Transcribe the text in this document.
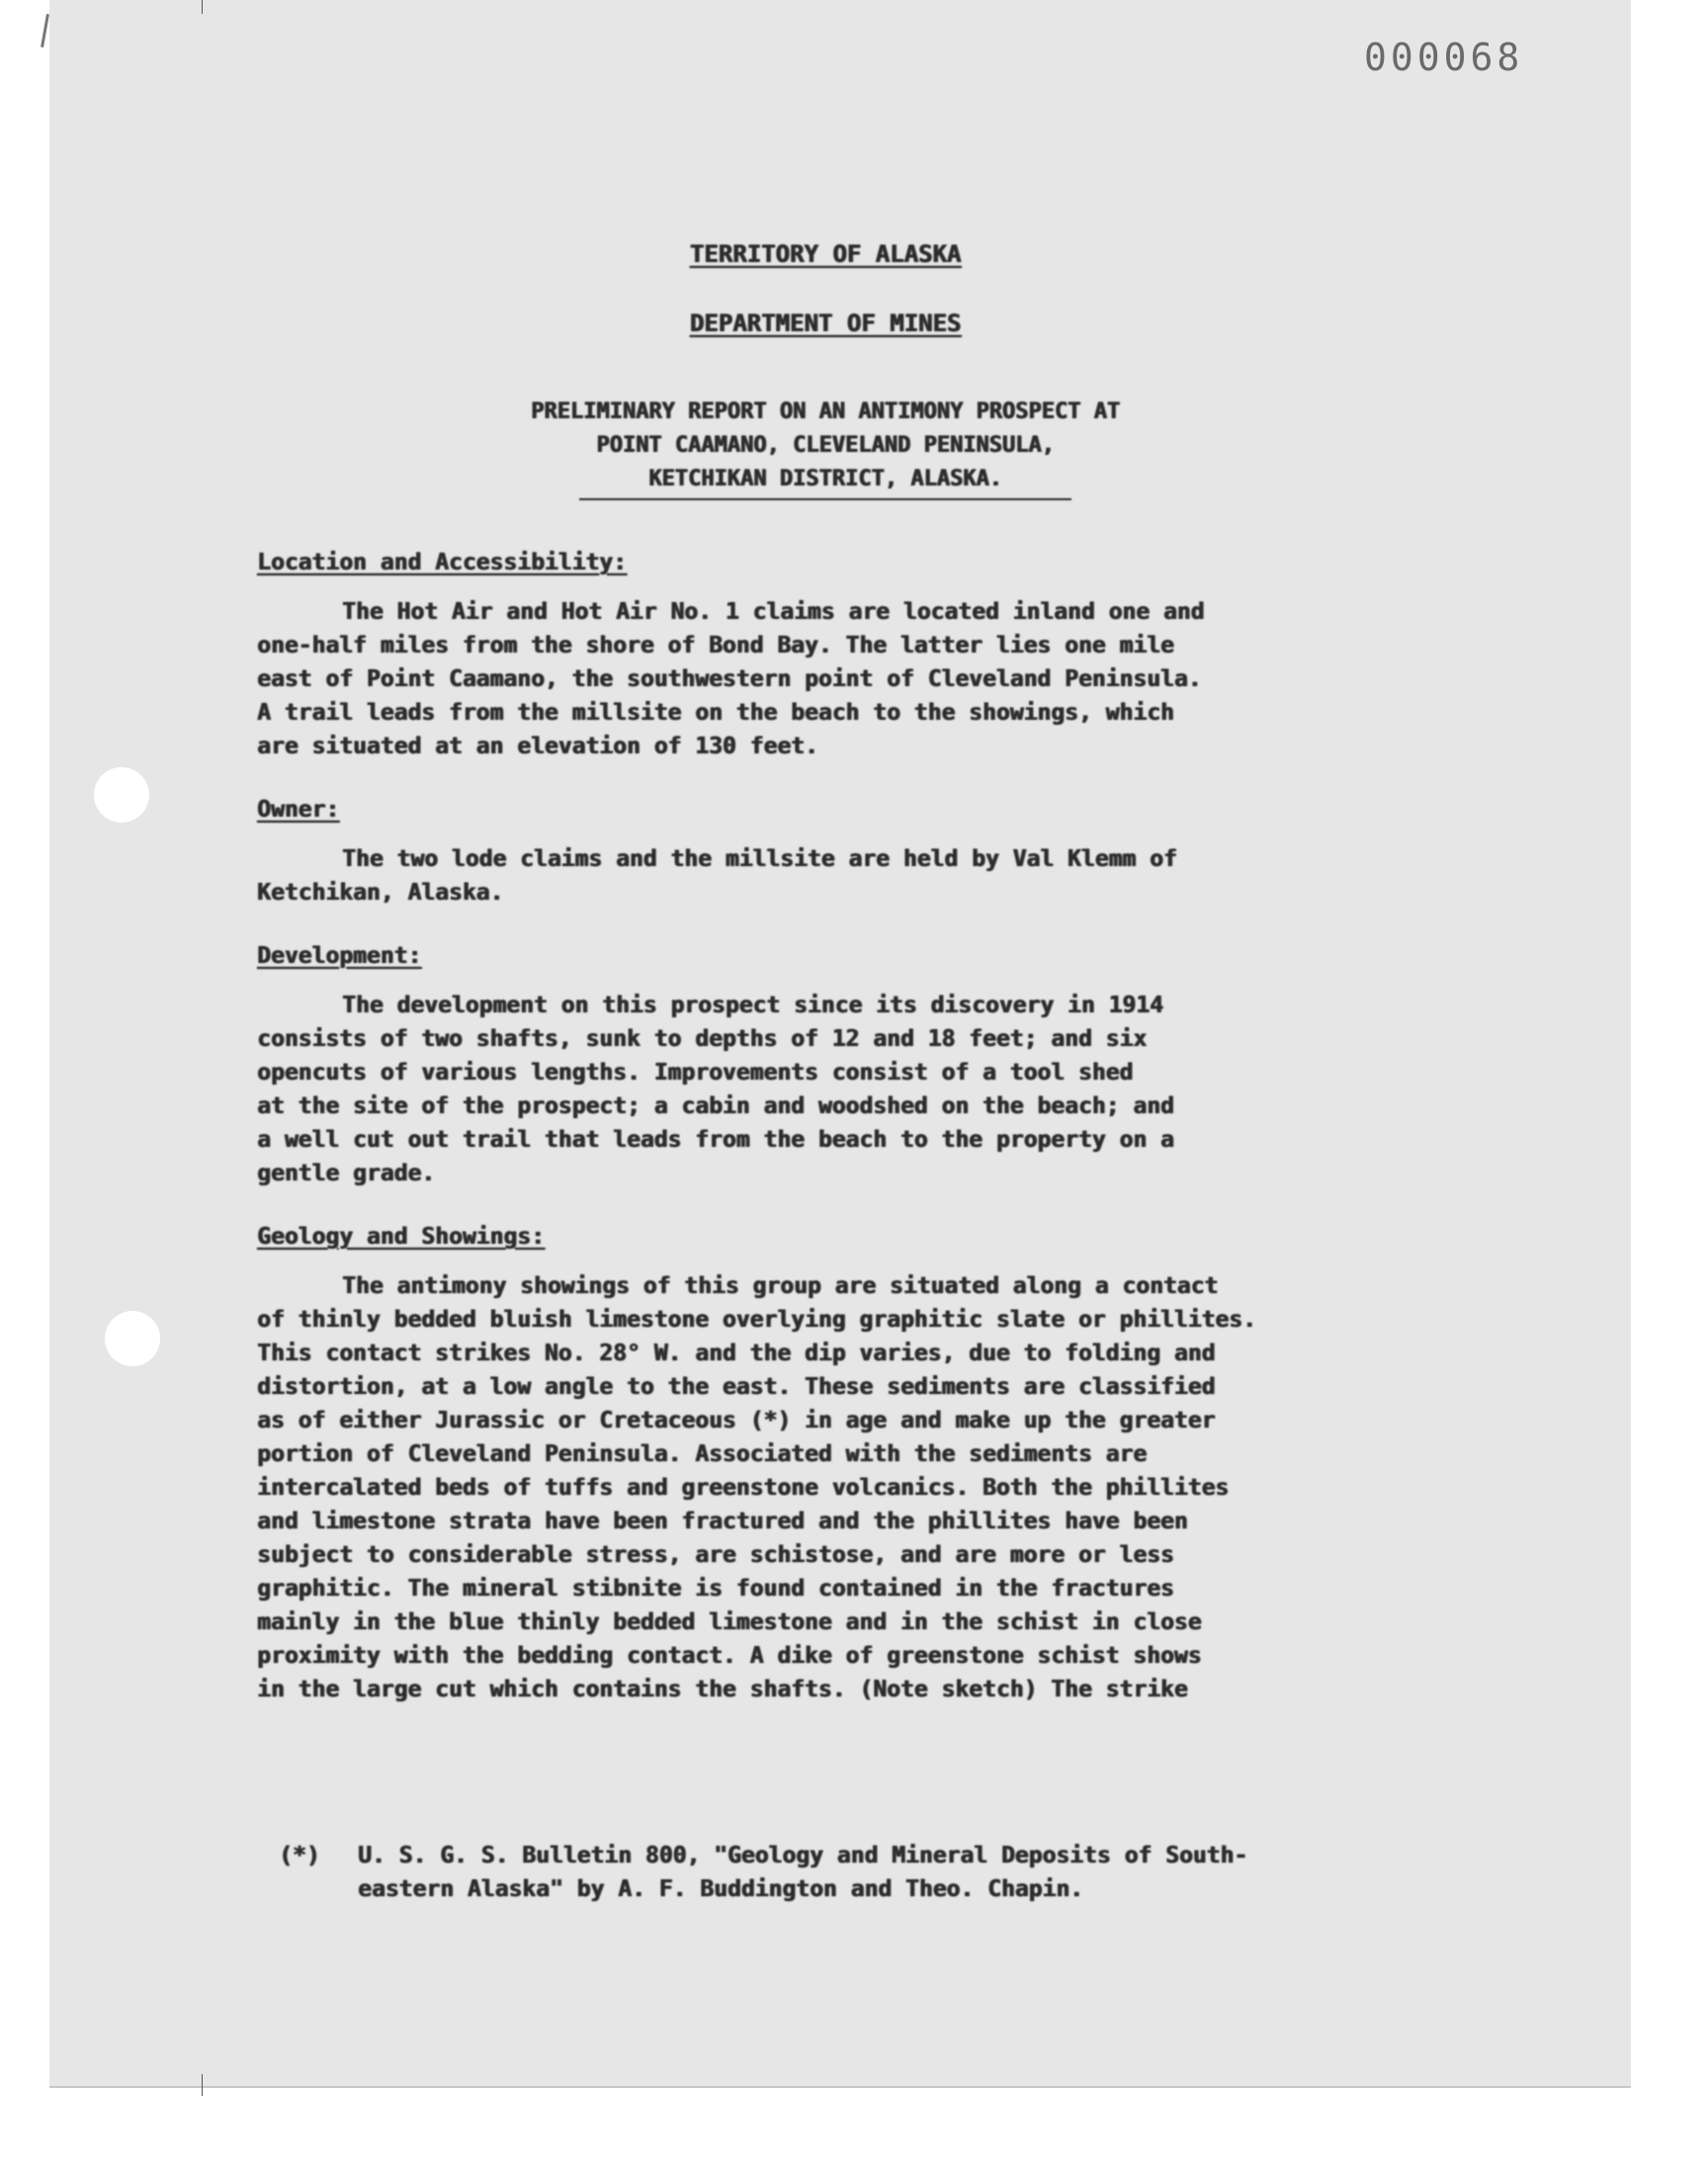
000068

TERRITORY OF ALASKA

DEPARTMENT OF MINES

PRELIMINARY REPORT ON AN ANTIMONY PROSPECT AT
POINT CAAMANO, CLEVELAND PENINSULA,
KETCHIKAN DISTRICT, ALASKA.

Location and Accessibility:

The Hot Air and Hot Air No. 1 claims are located inland one and
one-half miles from the shore of Bond Bay. The latter lies one mile
east of Point Caamano, the southwestern point of Cleveland Peninsula.
A trail leads from the millsite on the beach to the showings, which
are situated at an elevation of 130 feet.

Owner:

The two lode claims and the millsite are held by Val Klemm of
Ketchikan, Alaska.

Development:

The development on this prospect since its discovery in 1914
consists of two shafts, sunk to depths of 12 and 18 feet; and six
opencuts of various lengths. Improvements consist of a tool shed
at the site of the prospect; a cabin and woodshed on the beach; and
a well cut out trail that leads from the beach to the property on a
gentle grade.

Geology and Showings:

The antimony showings of this group are situated along a contact
of thinly bedded bluish limestone overlying graphitic slate or phillites.
This contact strikes No. 28° W. and the dip varies, due to folding and
distortion, at a low angle to the east. These sediments are classified
as of either Jurassic or Cretaceous (*) in age and make up the greater
portion of Cleveland Peninsula. Associated with the sediments are
intercalated beds of tuffs and greenstone volcanics. Both the phillites
and limestone strata have been fractured and the phillites have been
subject to considerable stress, are schistose, and are more or less
graphitic. The mineral stibnite is found contained in the fractures
mainly in the blue thinly bedded limestone and in the schist in close
proximity with the bedding contact. A dike of greenstone schist shows
in the large cut which contains the shafts. (Note sketch) The strike

(*) U. S. G. S. Bulletin 800, "Geology and Mineral Deposits of South-
eastern Alaska" by A. F. Buddington and Theo. Chapin.
